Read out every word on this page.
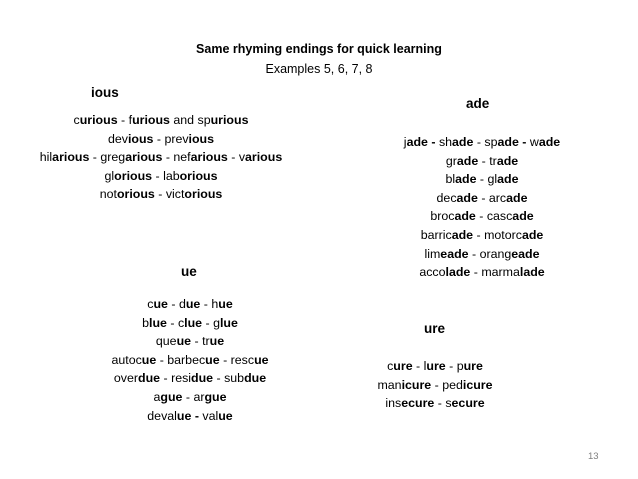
Same rhyming endings for quick learning
Examples 5, 6, 7, 8
ious
curious - furious and spurious
devious - previous
hilarious - gregarious - nefarious - various
glorious - laborious
notorious - victorious
ade
jade - shade - spade - wade
grade - trade
blade - glade
decade - arcade
brocade - cascade
barricade - motorcade
limeade - orangeade
accolade - marmalade
ue
cue - due - hue
blue - clue - glue
queue - true
autocue - barbecue - rescue
overdue - residue - subdue
ague - argue
devalue - value
ure
cure - lure - pure
manicure - pedicure
insecure - secure
13
